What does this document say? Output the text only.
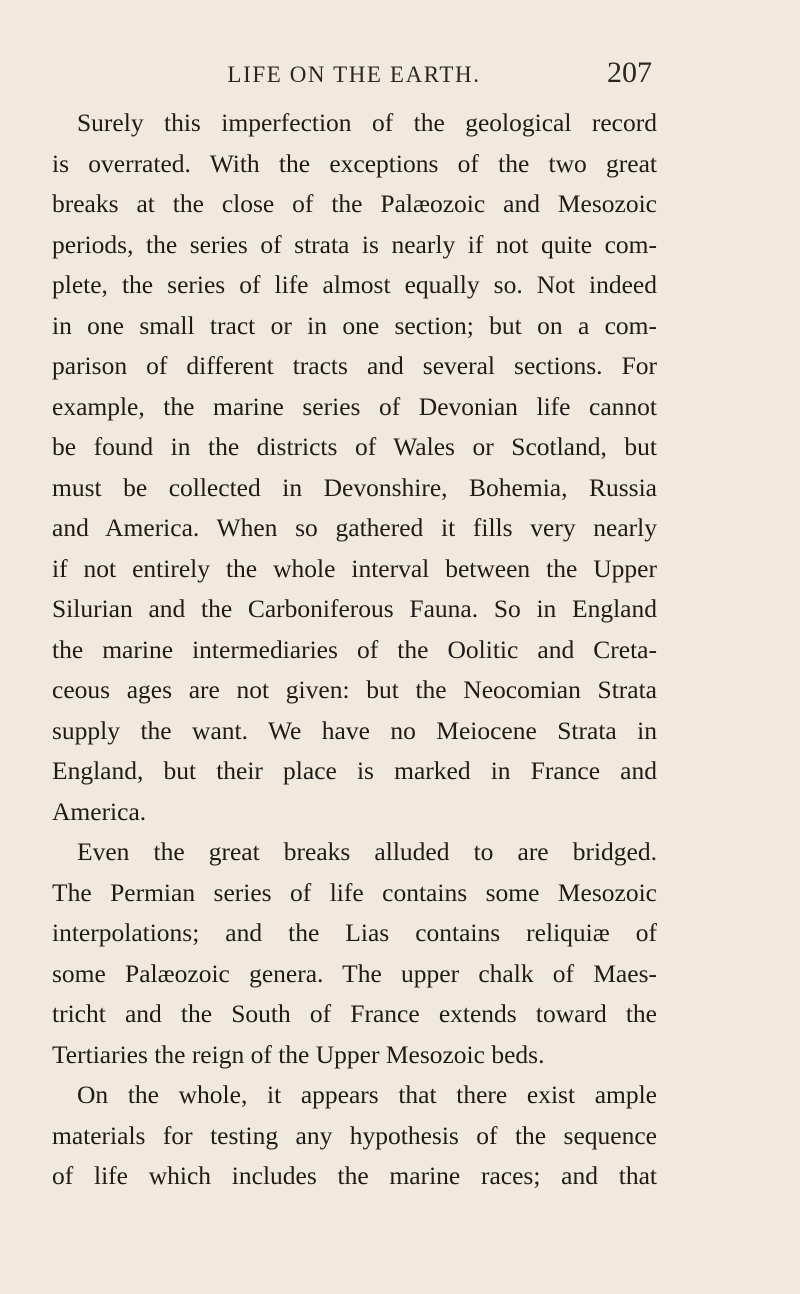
LIFE ON THE EARTH.	207
Surely this imperfection of the geological record
is overrated. With the exceptions of the two great
breaks at the close of the Palæozoic and Mesozoic
periods, the series of strata is nearly if not quite com-
plete, the series of life almost equally so. Not indeed
in one small tract or in one section; but on a com-
parison of different tracts and several sections. For
example, the marine series of Devonian life cannot
be found in the districts of Wales or Scotland, but
must be collected in Devonshire, Bohemia, Russia
and America. When so gathered it fills very nearly
if not entirely the whole interval between the Upper
Silurian and the Carboniferous Fauna. So in England
the marine intermediaries of the Oolitic and Creta-
ceous ages are not given: but the Neocomian Strata
supply the want. We have no Meiocene Strata in
England, but their place is marked in France and
America.
Even the great breaks alluded to are bridged.
The Permian series of life contains some Mesozoic
interpolations; and the Lias contains reliquiæ of
some Palæozoic genera. The upper chalk of Maes-
tricht and the South of France extends toward the
Tertiaries the reign of the Upper Mesozoic beds.
On the whole, it appears that there exist ample
materials for testing any hypothesis of the sequence
of life which includes the marine races; and that
